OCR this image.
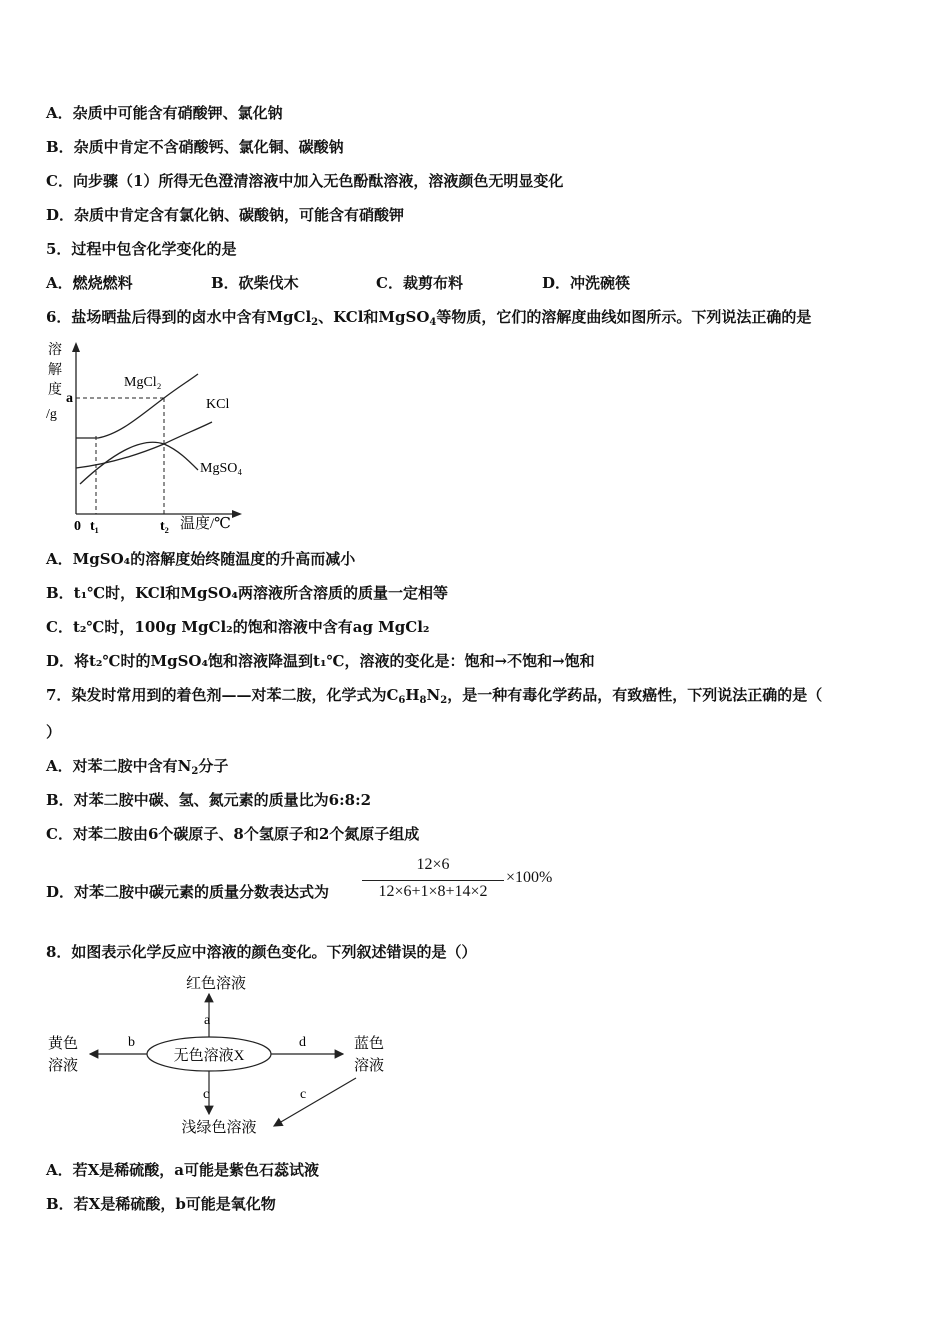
A．杂质中可能含有硝酸钾、氯化钠
B．杂质中肯定不含硝酸钙、氯化铜、碳酸钠
C．向步骤（1）所得无色澄清溶液中加入无色酚酞溶液，溶液颜色无明显变化
D．杂质中肯定含有氯化钠、碳酸钠，可能含有硝酸钾
5．过程中包含化学变化的是
A．燃烧燃料	B．砍柴伐木	C．裁剪布料	D．冲洗碗筷
6．盐场晒盐后得到的卤水中含有MgCl$_2$、KCl和MgSO$_4$等物质，它们的溶解度曲线如图所示。下列说法正确的是
溶
解
度
/g
a
MgCl₂
KCl
MgSO₄
0 t₁	t₂ 温度/℃
A．MgSO₄的溶解度始终随温度的升高而减小
B．t₁℃时，KCl和MgSO₄两溶液所含溶质的质量一定相等
C．t₂℃时，100g MgCl₂的饱和溶液中含有ag MgCl₂
D．将t₂℃时的MgSO₄饱和溶液降温到t₁℃，溶液的变化是：饱和→不饱和→饱和
7．染发时常用到的着色剂——对苯二胺，化学式为$C_6H_8N_2$，是一种有毒化学药品，有致癌性，下列说法正确的是（
）
A．对苯二胺中含有$N_2$分子
B．对苯二胺中碳、氢、氮元素的质量比为6:8:2
C．对苯二胺由6个碳原子、8个氢原子和2个氮原子组成
D．对苯二胺中碳元素的质量分数表达式为
12×6
12×6+1×8+14×2
×100%
8．如图表示化学反应中溶液的颜色变化。下列叙述错误的是（）
无色溶液X
a
红色溶液
b
黄色
溶液
d	蓝色
溶液
c	c
浅绿色溶液
A．若X是稀硫酸，a可能是紫色石蕊试液
B．若X是稀硫酸，b可能是氧化物
